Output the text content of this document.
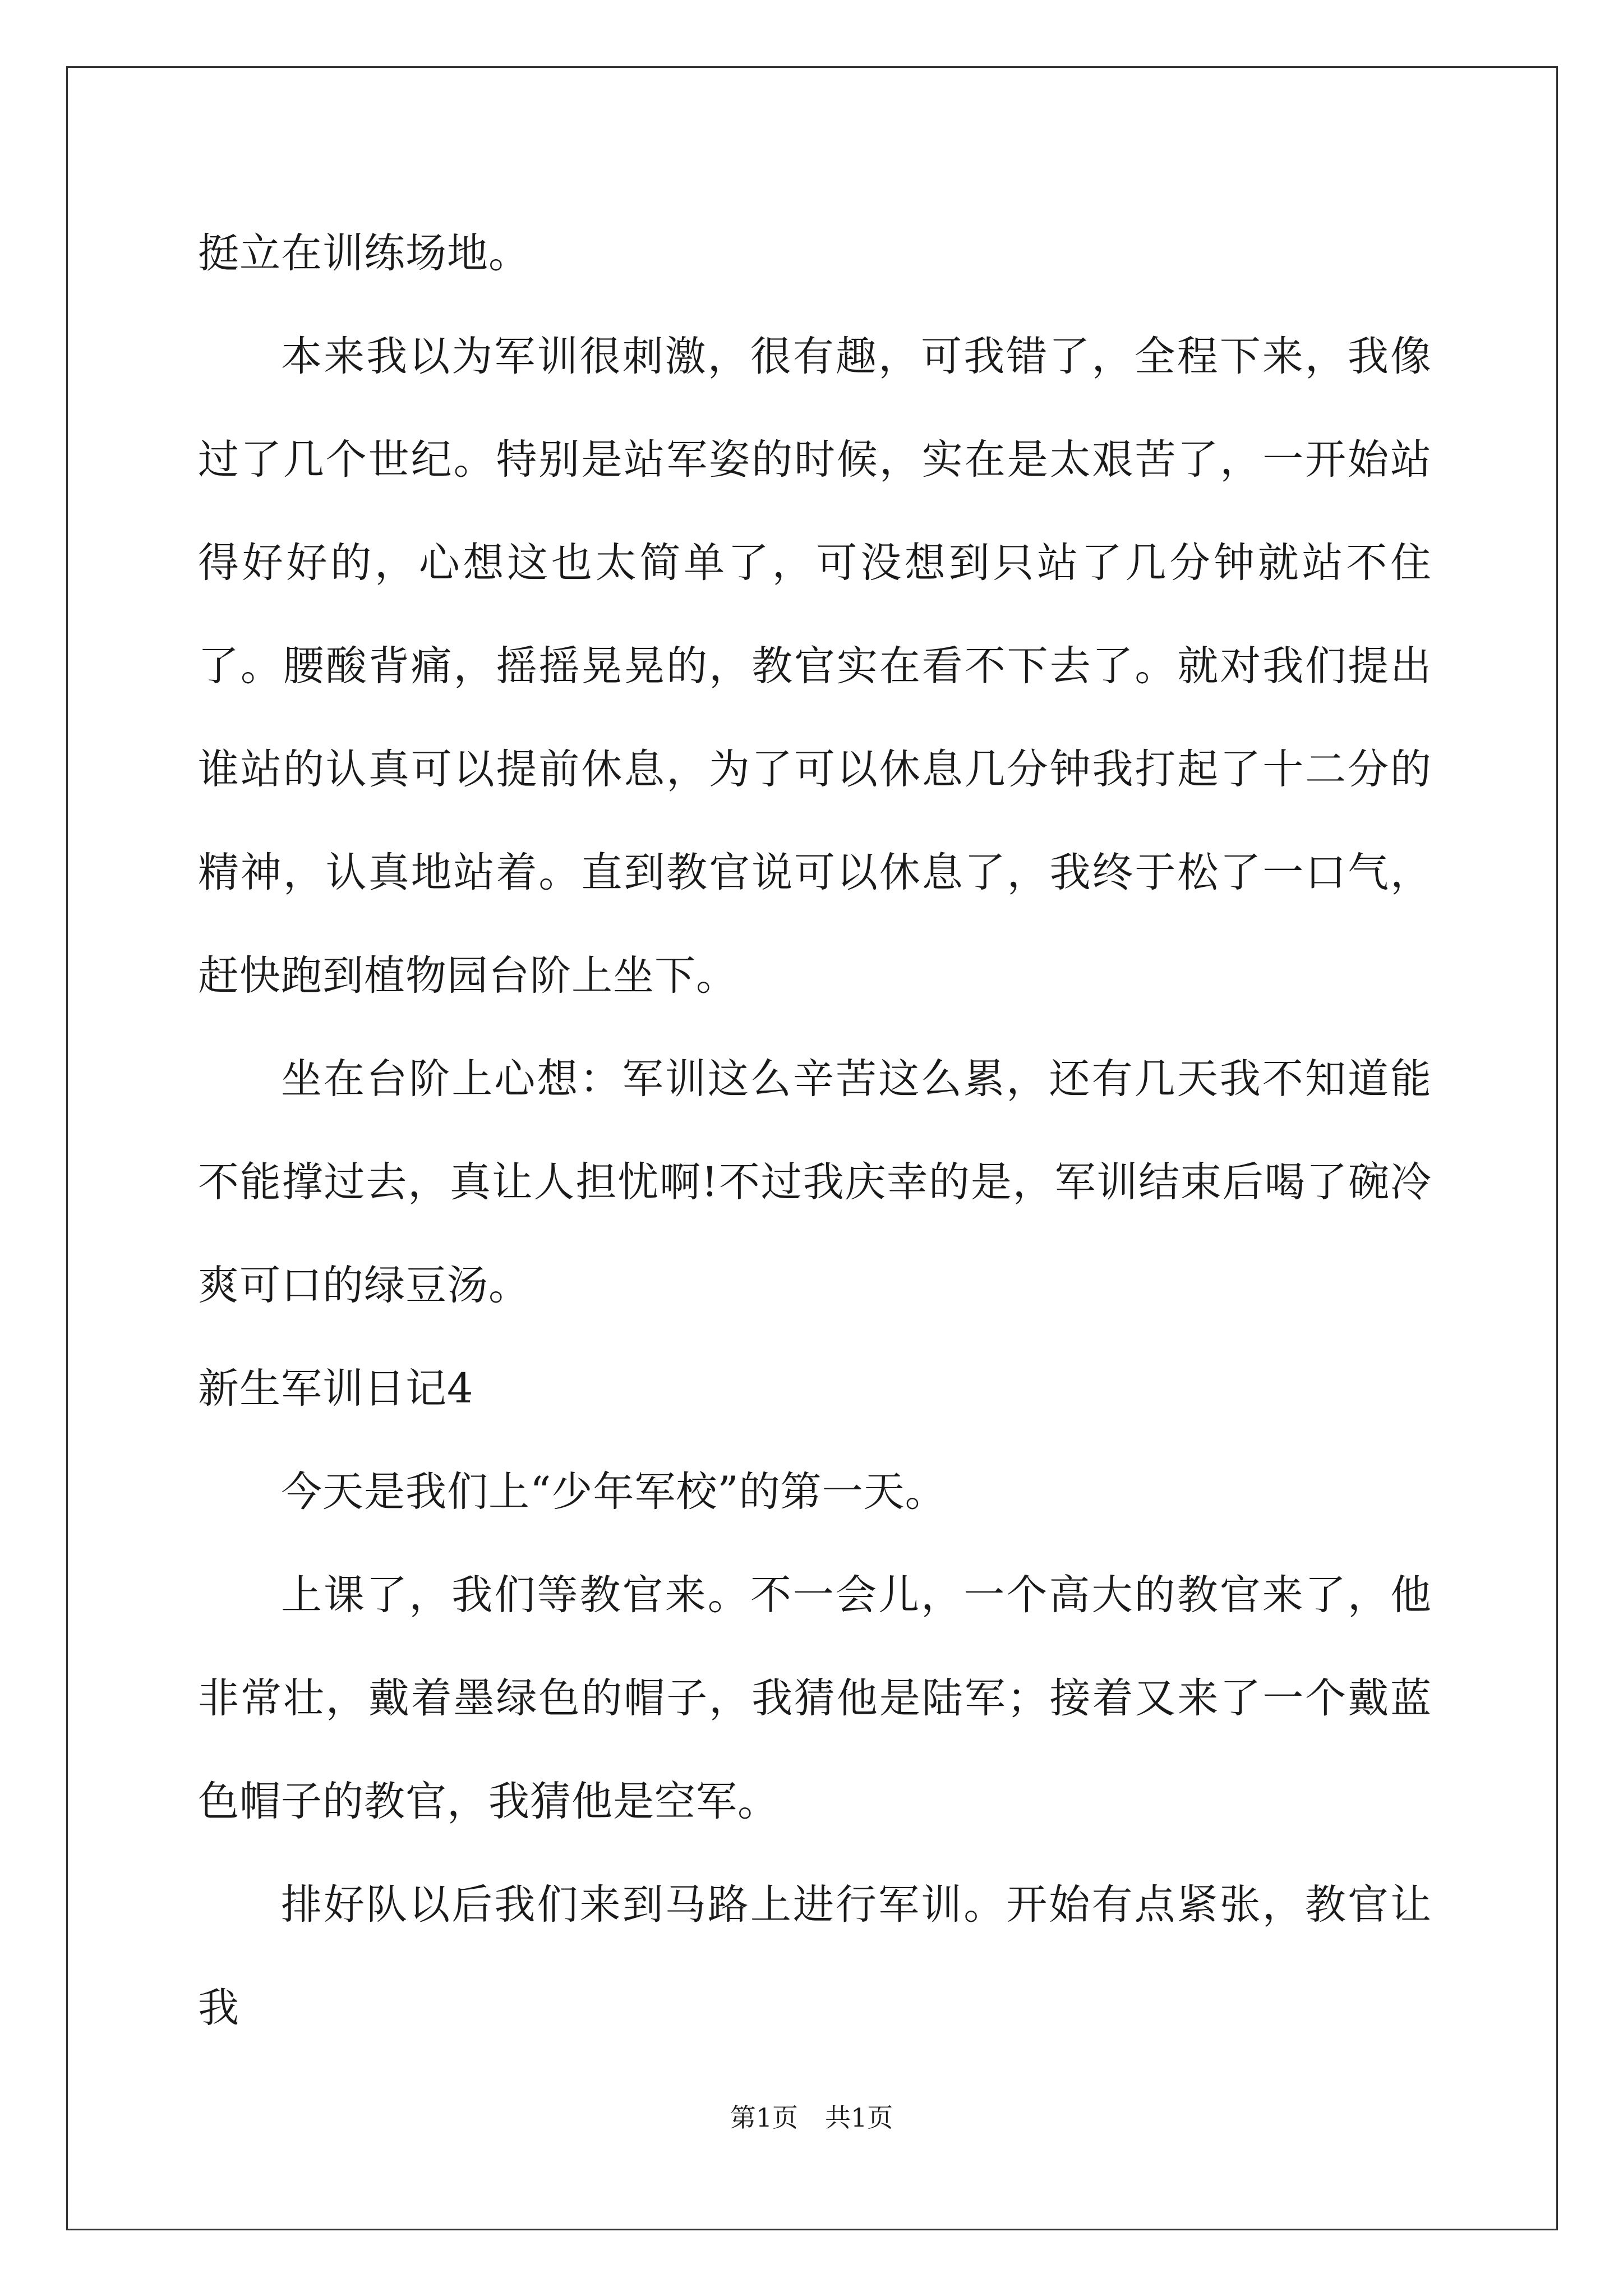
挺立在训练场地。

本来我以为军训很刺激，很有趣，可我错了，全程下来，我像过了几个世纪。特别是站军姿的时候，实在是太艰苦了，一开始站得好好的，心想这也太简单了，可没想到只站了几分钟就站不住了。腰酸背痛，摇摇晃晃的，教官实在看不下去了。就对我们提出谁站的认真可以提前休息，为了可以休息几分钟我打起了十二分的精神，认真地站着。直到教官说可以休息了，我终于松了一口气，赶快跑到植物园台阶上坐下。

坐在台阶上心想：军训这么辛苦这么累，还有几天我不知道能不能撑过去，真让人担忧啊!不过我庆幸的是，军训结束后喝了碗冷爽可口的绿豆汤。

新生军训日记4

今天是我们上“少年军校”的第一天。

上课了，我们等教官来。不一会儿，一个高大的教官来了，他非常壮，戴着墨绿色的帽子，我猜他是陆军；接着又来了一个戴蓝色帽子的教官，我猜他是空军。

排好队以后我们来到马路上进行军训。开始有点紧张，教官让我

第1页 共1页
